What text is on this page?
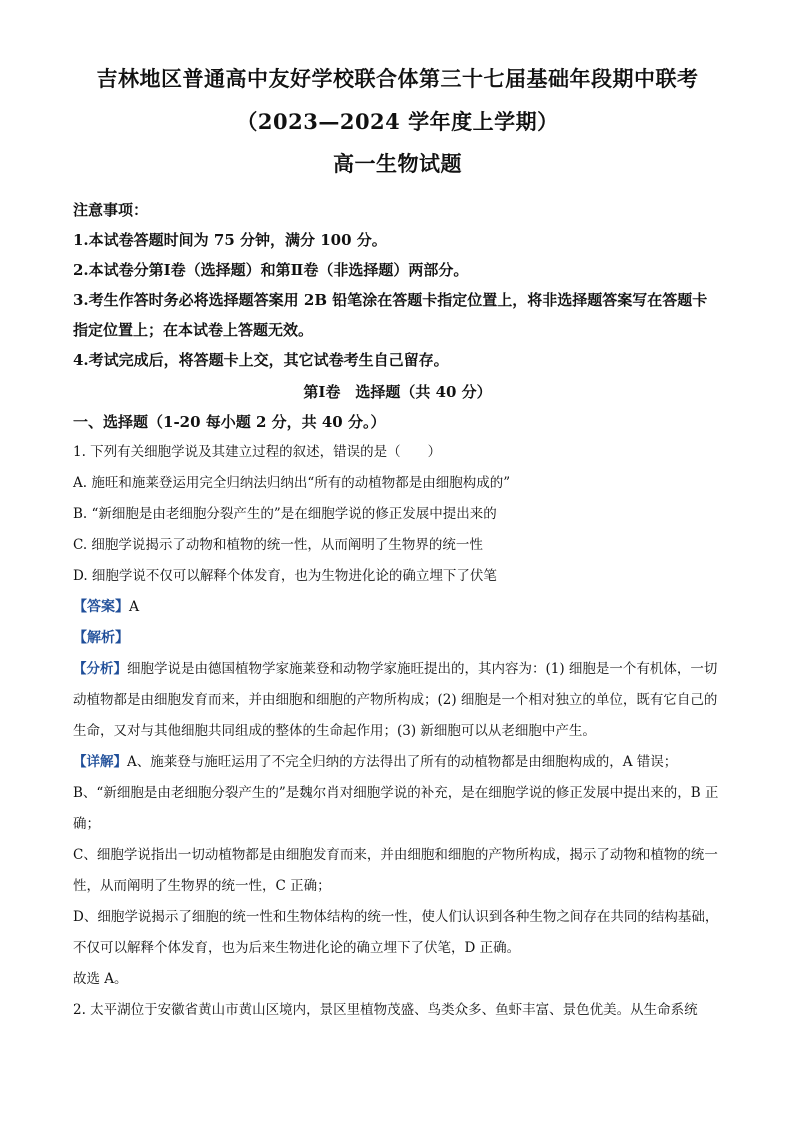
吉林地区普通高中友好学校联合体第三十七届基础年段期中联考
（2023—2024 学年度上学期）
高一生物试题
注意事项：

1.本试卷答题时间为 75 分钟，满分 100 分。

2.本试卷分第Ⅰ卷（选择题）和第Ⅱ卷（非选择题）两部分。

3.考生作答时务必将选择题答案用 2B 铅笔涂在答题卡指定位置上，将非选择题答案写在答题卡指定位置上；在本试卷上答题无效。

4.考试完成后，将答题卡上交，其它试卷考生自己留存。

第Ⅰ卷　选择题（共 40 分）
一、选择题（1-20 每小题 2 分，共 40 分。）

1. 下列有关细胞学说及其建立过程的叙述，错误的是（　　）

A. 施旺和施莱登运用完全归纳法归纳出“所有的动植物都是由细胞构成的”

B. “新细胞是由老细胞分裂产生的”是在细胞学说的修正发展中提出来的

C. 细胞学说揭示了动物和植物的统一性，从而阐明了生物界的统一性

D. 细胞学说不仅可以解释个体发育，也为生物进化论的确立埋下了伏笔

【答案】A
【解析】

【分析】细胞学说是由德国植物学家施莱登和动物学家施旺提出的，其内容为：(1) 细胞是一个有机体，一切动植物都是由细胞发育而来，并由细胞和细胞的产物所构成；(2) 细胞是一个相对独立的单位，既有它自己的生命，又对与其他细胞共同组成的整体的生命起作用；(3) 新细胞可以从老细胞中产生。

【详解】A、施莱登与施旺运用了不完全归纳的方法得出了所有的动植物都是由细胞构成的，A 错误；

B、“新细胞是由老细胞分裂产生的”是魏尔肖对细胞学说的补充，是在细胞学说的修正发展中提出来的，B 正确；

C、细胞学说指出一切动植物都是由细胞发育而来，并由细胞和细胞的产物所构成，揭示了动物和植物的统一性，从而阐明了生物界的统一性，C 正确；

D、细胞学说揭示了细胞的统一性和生物体结构的统一性，使人们认识到各种生物之间存在共同的结构基础，不仅可以解释个体发育，也为后来生物进化论的确立埋下了伏笔，D 正确。

故选 A。

2. 太平湖位于安徽省黄山市黄山区境内，景区里植物茂盛、鸟类众多、鱼虾丰富、景色优美。从生命系统
